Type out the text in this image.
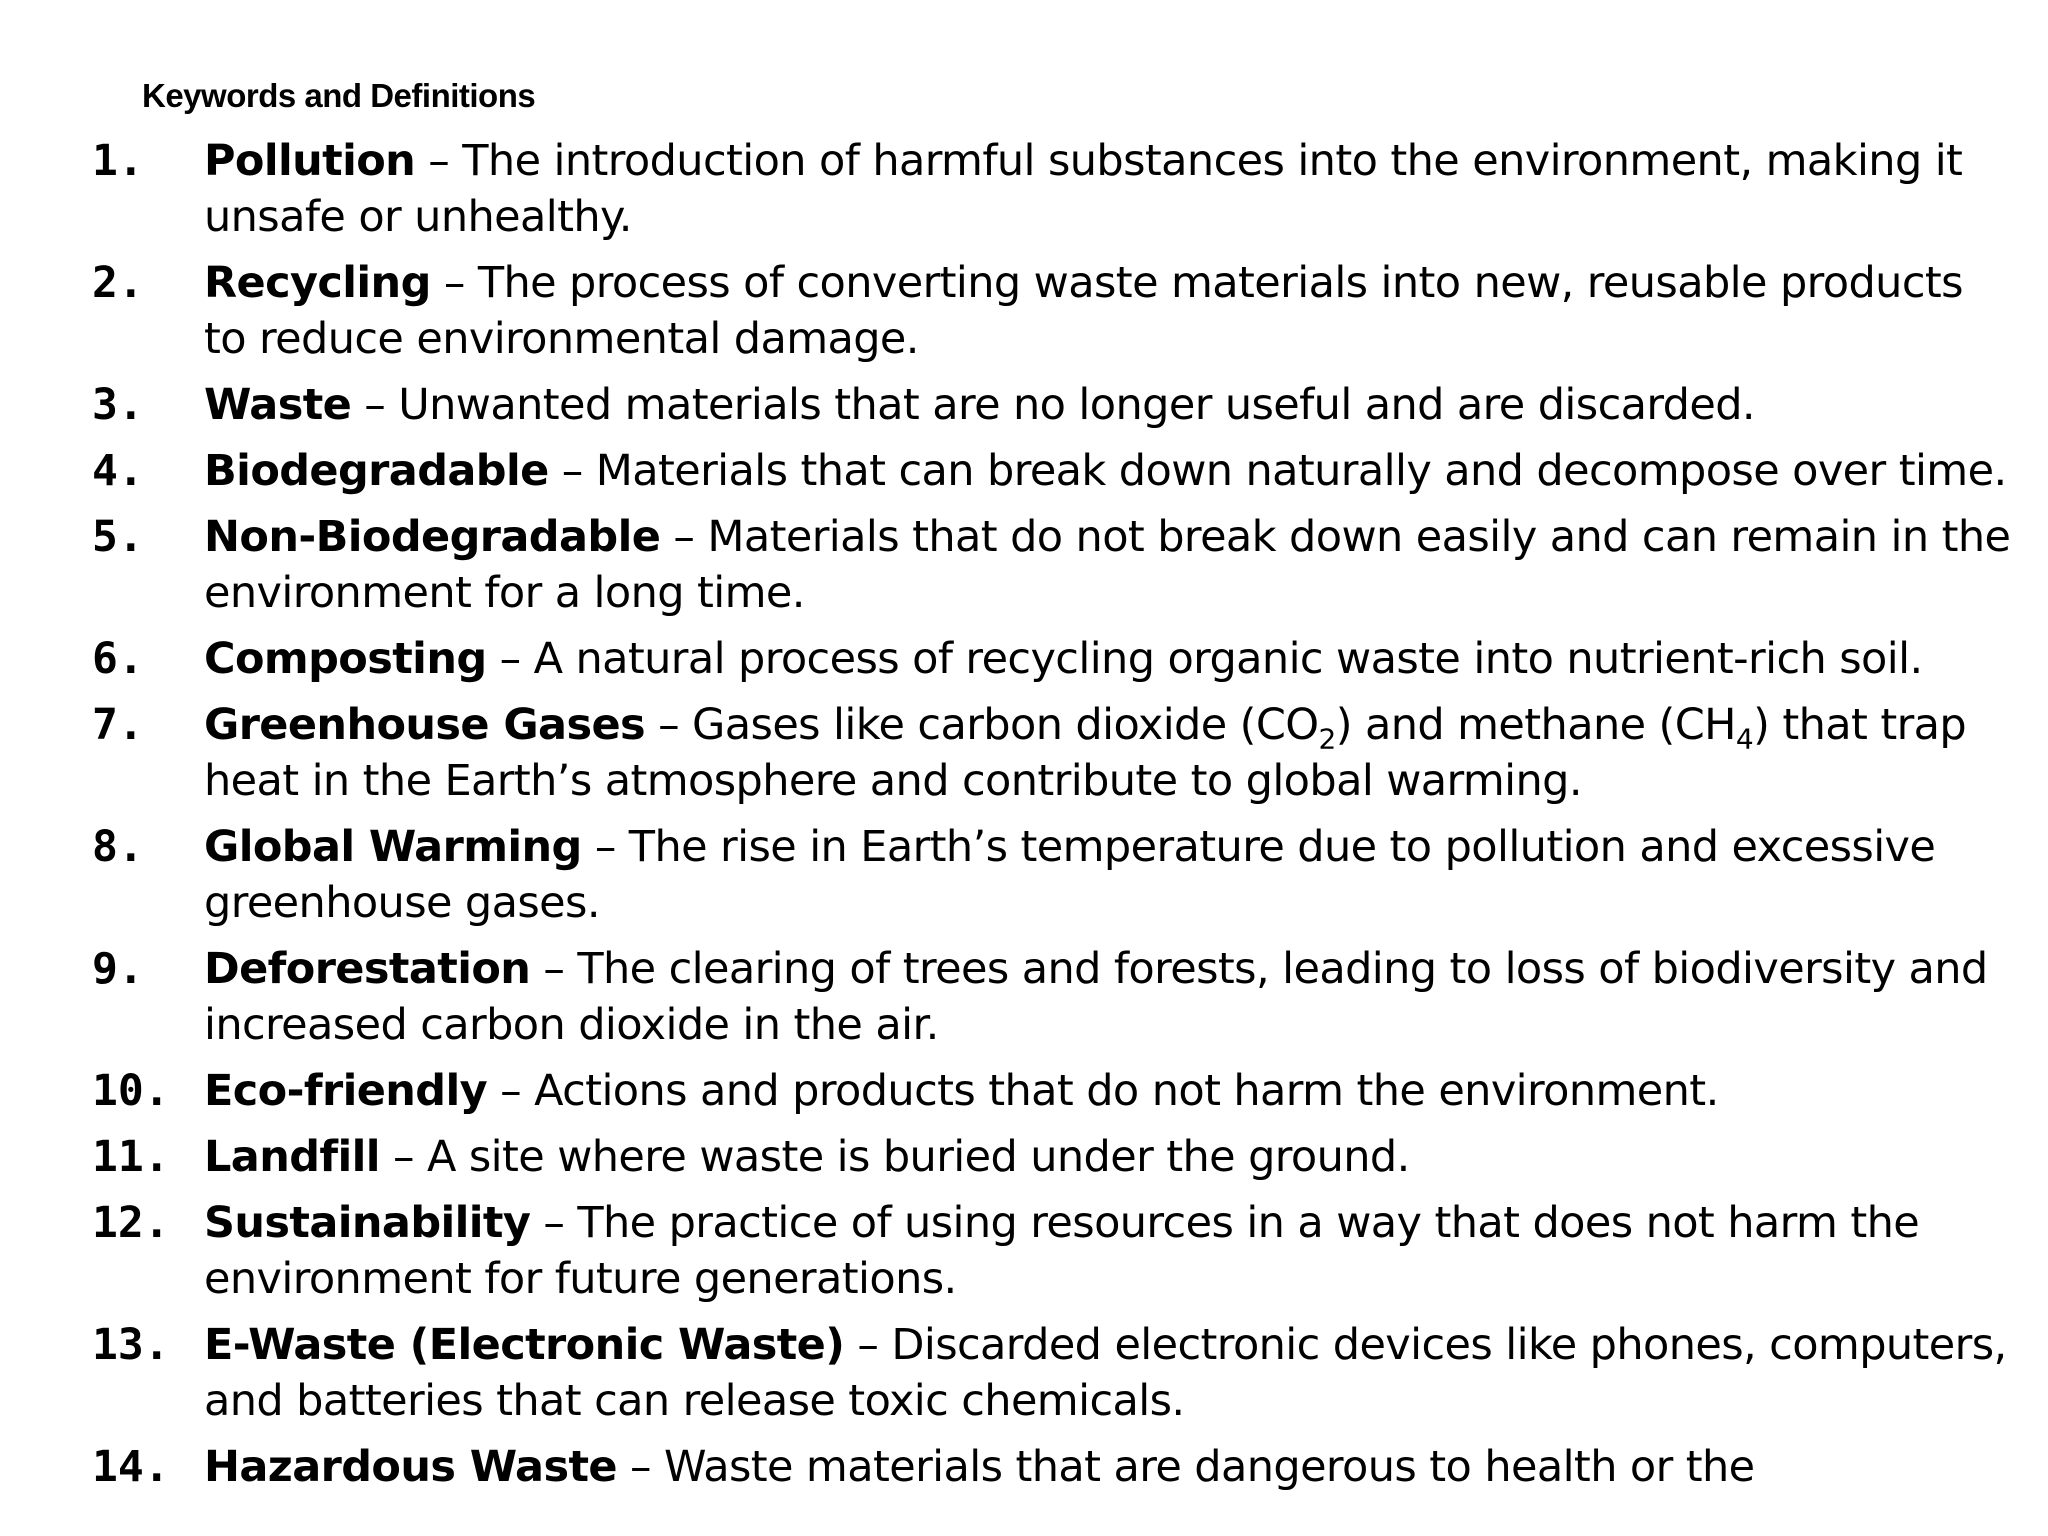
Keywords and Definitions
1. Pollution – The introduction of harmful substances into the environment, making it unsafe or unhealthy.
2. Recycling – The process of converting waste materials into new, reusable products to reduce environmental damage.
3. Waste – Unwanted materials that are no longer useful and are discarded.
4. Biodegradable – Materials that can break down naturally and decompose over time.
5. Non-Biodegradable – Materials that do not break down easily and can remain in the environment for a long time.
6. Composting – A natural process of recycling organic waste into nutrient-rich soil.
7. Greenhouse Gases – Gases like carbon dioxide $(CO_2)$ and methane $(CH_4)$ that trap heat in the Earth’s atmosphere and contribute to global warming.
8. Global Warming – The rise in Earth’s temperature due to pollution and excessive greenhouse gases.
9. Deforestation – The clearing of trees and forests, leading to loss of biodiversity and increased carbon dioxide in the air.
10. Eco-friendly – Actions and products that do not harm the environment.
11. Landfill – A site where waste is buried under the ground.
12. Sustainability – The practice of using resources in a way that does not harm the environment for future generations.
13. E-Waste (Electronic Waste) – Discarded electronic devices like phones, computers, and batteries that can release toxic chemicals.
14. Hazardous Waste – Waste materials that are dangerous to health or the
